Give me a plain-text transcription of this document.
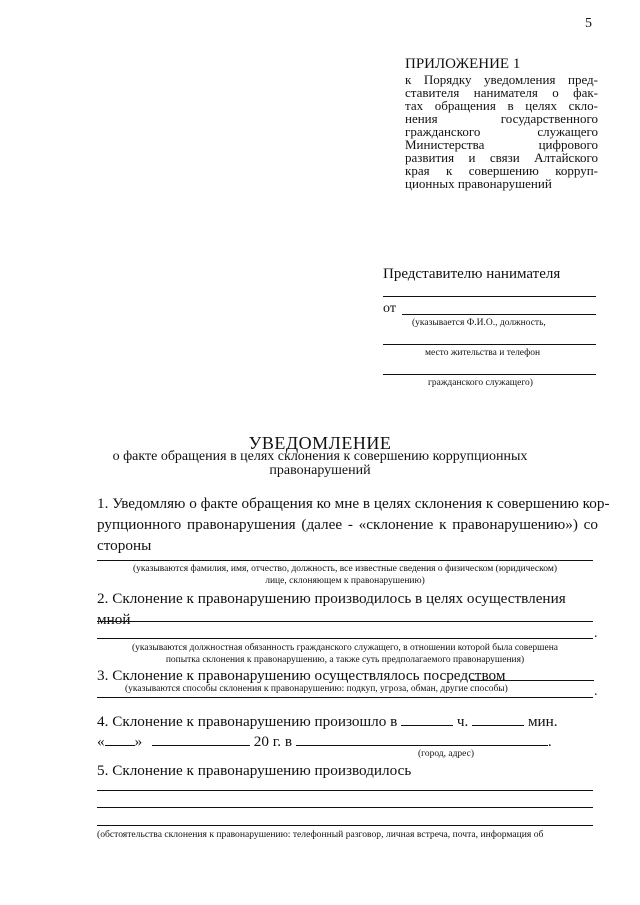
5
ПРИЛОЖЕНИЕ 1
к Порядку уведомления пред-
ставителя нанимателя о фак-
тах обращения в целях скло-
нения государственного
гражданского служащего
Министерства цифрового
развития и связи Алтайского
края к совершению корруп-
ционных правонарушений
Представителю нанимателя
от
(указывается Ф.И.О., должность,
место жительства и телефон
гражданского служащего)
УВЕДОМЛЕНИЕ
о факте обращения в целях склонения к совершению коррупционных
правонарушений
1. Уведомляю о факте обращения ко мне в целях склонения к совершению кор-
рупционного правонарушения (далее - «склонение к правонарушению») со
стороны
(указываются фамилия, имя, отчество, должность, все известные сведения о физическом (юридическом)
лице, склоняющем к правонарушению)
2. Склонение к правонарушению производилось в целях осуществления мной
.
(указываются должностная обязанность гражданского служащего, в отношении которой была совершена
попытка склонения к правонарушению, а также суть предполагаемого правонарушения)
3. Склонение к правонарушению осуществлялось посредством
(указываются способы склонения к правонарушению: подкуп, угроза, обман, другие способы)	.
4. Склонение к правонарушению произошло в	ч.	мин.
« »	20 г. в	.
(город, адрес)
5. Склонение к правонарушению производилось
(обстоятельства склонения к правонарушению: телефонный разговор, личная встреча, почта, информация об
